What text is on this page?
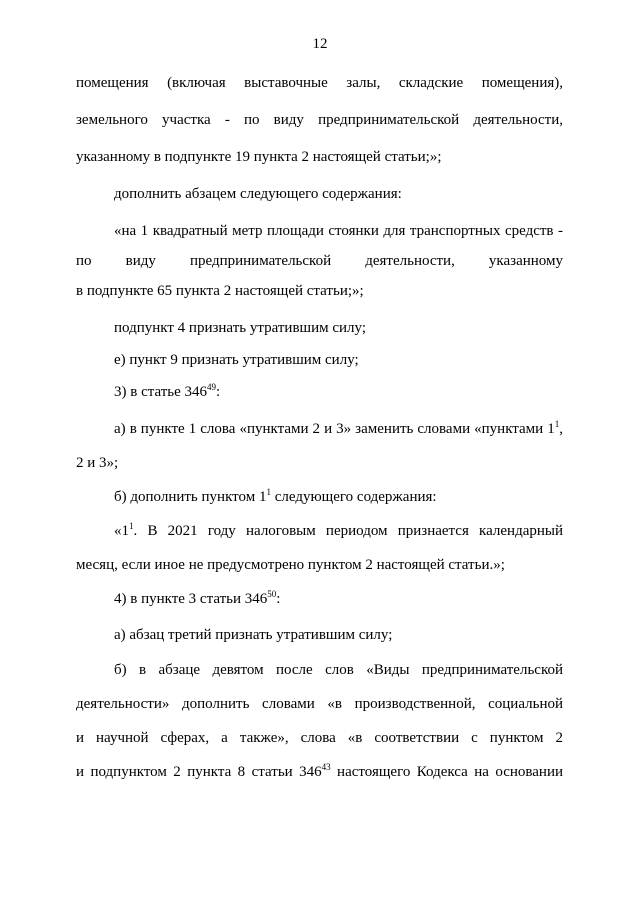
12
помещения (включая выставочные залы, складские помещения),
земельного участка - по виду предпринимательской деятельности,
указанному в подпункте 19 пункта 2 настоящей статьи;»;
дополнить абзацем следующего содержания:
«на 1 квадратный метр площади стоянки для транспортных средств -
по виду предпринимательской деятельности, указанному
в подпункте 65 пункта 2 настоящей статьи;»;
подпункт 4 признать утратившим силу;
е) пункт 9 признать утратившим силу;
3) в статье $346^{49}$:
а) в пункте 1 слова «пунктами 2 и 3» заменить словами «пунктами $1^1$,
2 и 3»;
б) дополнить пунктом $1^1$ следующего содержания:
«$1^1$. В 2021 году налоговым периодом признается календарный
месяц, если иное не предусмотрено пунктом 2 настоящей статьи.»;
4) в пункте 3 статьи $346^{50}$:
а) абзац третий признать утратившим силу;
б) в абзаце девятом после слов «Виды предпринимательской
деятельности» дополнить словами «в производственной, социальной
и научной сферах, а также», слова «в соответствии с пунктом 2
и подпунктом 2 пункта 8 статьи $346^{43}$ настоящего Кодекса на основании
